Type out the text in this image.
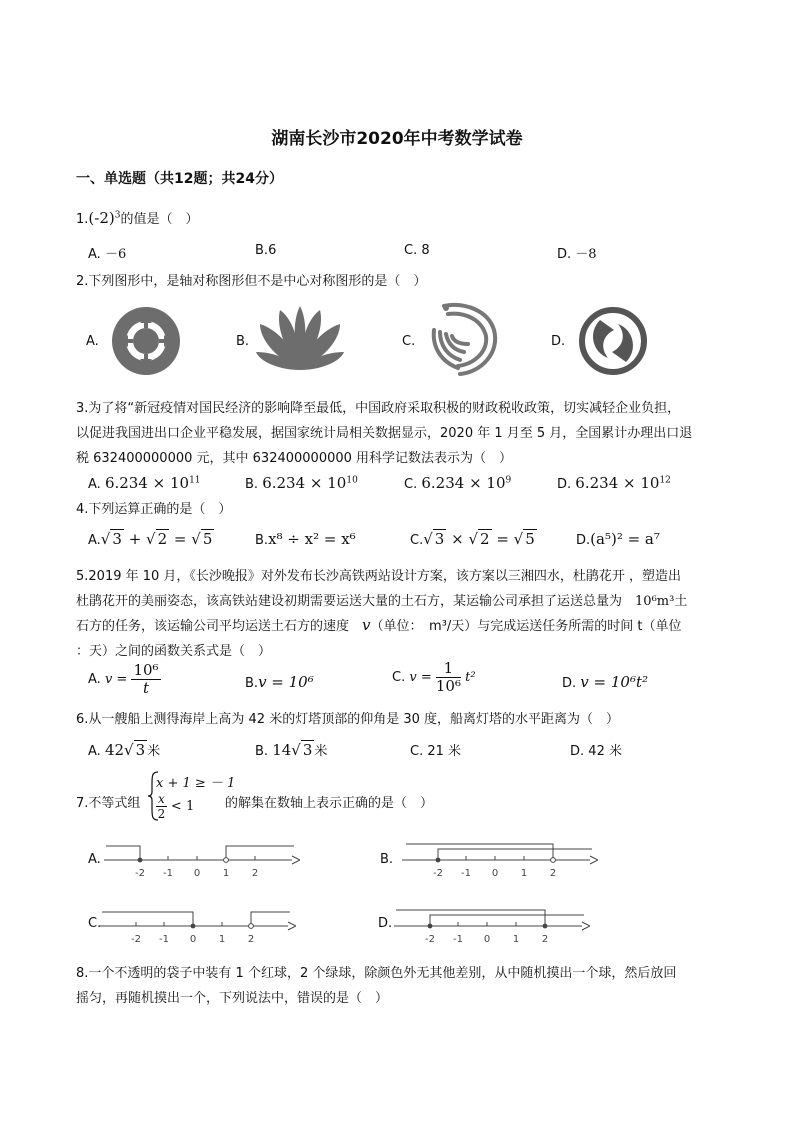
湖南长沙市2020年中考数学试卷
一、单选题（共12题；共24分）
$1.(-2)^3$的值是（　）
A. －6	B.6	C. 8	D. －8
2.下列图形中，是轴对称图形但不是中心对称图形的是（　）
A.	B.	C.	D.
3.为了将“新冠疫情对国民经济的影响降至最低，中国政府采取积极的财政税收政策，切实减轻企业负担，
以促进我国进出口企业平稳发展，据国家统计局相关数据显示，2020 年 1 月至 5 月，全国累计办理出口退
税 632400000000 元，其中 632400000000 用科学记数法表示为（　）
A. $6.234 \times 10^{11}$	B. $6.234 \times 10^{10}$	C. $6.234 \times 10^9$	D. $6.234 \times 10^{12}$
4.下列运算正确的是（　）
A.√ 3 + √ 2 = √ 5	B.x⁸ ÷ x² = x⁶	C.√ 3 × √ 2 = √ 5	D.(a⁵)² = a⁷
5.2019 年 10 月，《长沙晚报》对外发布长沙高铁两站设计方案，该方案以三湘四水，杜鹃花开 ，塑造出
杜鹃花开的美丽姿态，该高铁站建设初期需要运送大量的土石方，某运输公司承担了运送总量为　 10⁶m³土
石方的任务，该运输公司平均运送土石方的速度　 v（单位：　 m³/天）与完成运送任务所需的时间 t（单位
：天）之间的函数关系式是（　）
A. $v = \frac{\text{10⁶}}{t}$	B.v = 10⁶	C. $v = \frac{1}{\text{10⁶}} t^2$	D. v = 10⁶t²
6.从一艘船上测得海岸上高为 42 米的灯塔顶部的仰角是 30 度，船离灯塔的水平距离为（　）
A. 42√ 3 米	B. 14√ 3 米	C. 21 米	D. 42 米
7.不等式组
x + 1 ≥ － 1
$\frac{x}{2} < 1$ 的解集在数轴上表示正确的是（　）
A.
-2 -1 0 1 2
B.
-2 -1 0 1 2
C.
-2 -1 0 1 2
D.
-2 -1 0 1 2
8.一个不透明的袋子中装有 1 个红球，2 个绿球，除颜色外无其他差别，从中随机摸出一个球，然后放回
摇匀，再随机摸出一个，下列说法中，错误的是（　）
